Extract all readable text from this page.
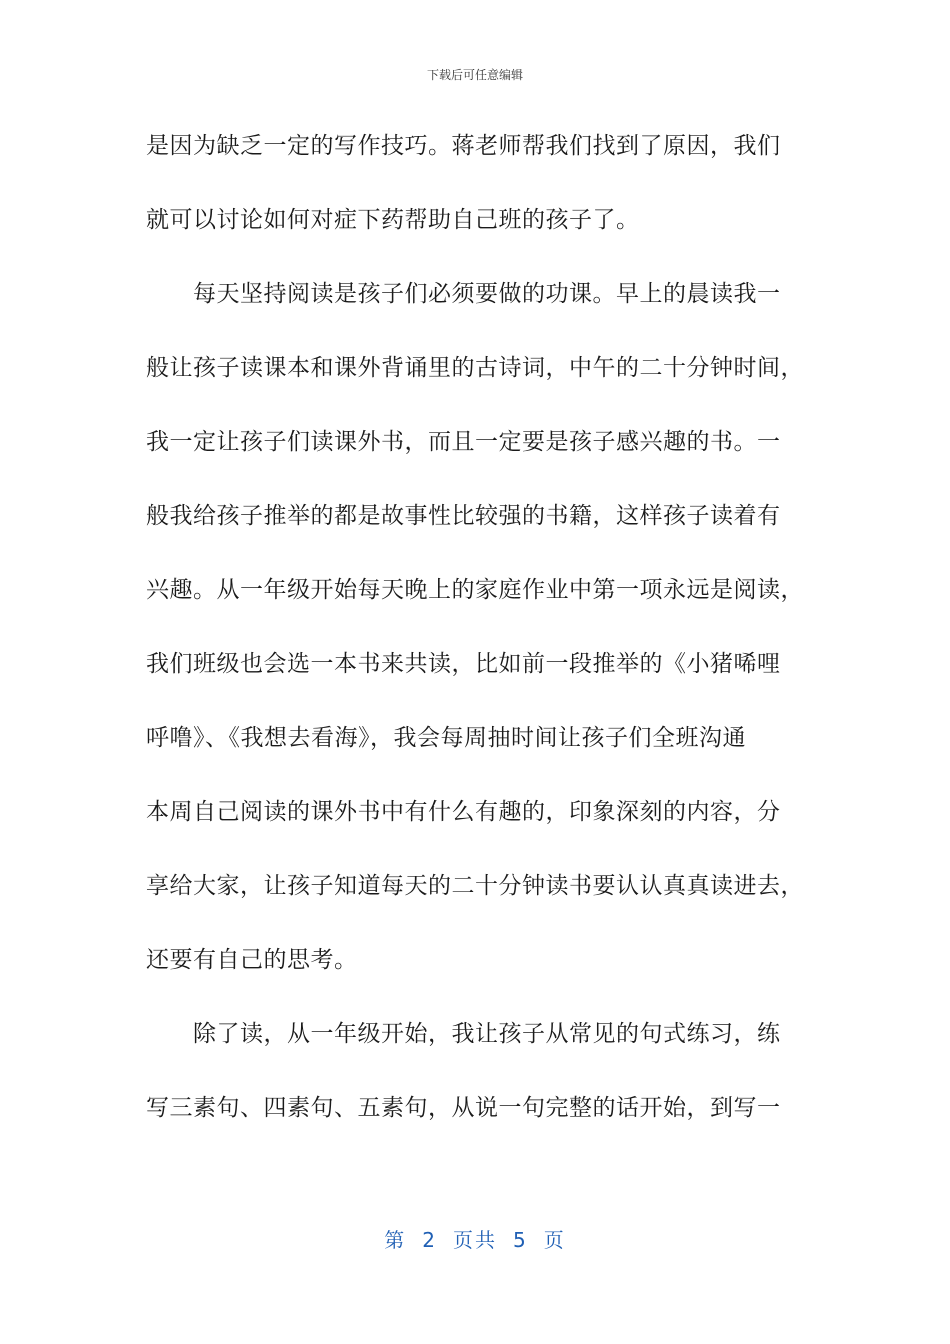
下载后可任意编辑
是因为缺乏一定的写作技巧。蒋老师帮我们找到了原因，我们
就可以讨论如何对症下药帮助自己班的孩子了。
　　每天坚持阅读是孩子们必须要做的功课。早上的晨读我一
般让孩子读课本和课外背诵里的古诗词，中午的二十分钟时间，
我一定让孩子们读课外书，而且一定要是孩子感兴趣的书。一
般我给孩子推举的都是故事性比较强的书籍，这样孩子读着有
兴趣。从一年级开始每天晚上的家庭作业中第一项永远是阅读，
我们班级也会选一本书来共读，比如前一段推举的《小猪唏哩
呼噜》、《我想去看海》，我会每周抽时间让孩子们全班沟通
本周自己阅读的课外书中有什么有趣的，印象深刻的内容，分
享给大家，让孩子知道每天的二十分钟读书要认认真真读进去，
还要有自己的思考。
　　除了读，从一年级开始，我让孩子从常见的句式练习，练
写三素句、四素句、五素句，从说一句完整的话开始，到写一
第 2 页共 5 页
